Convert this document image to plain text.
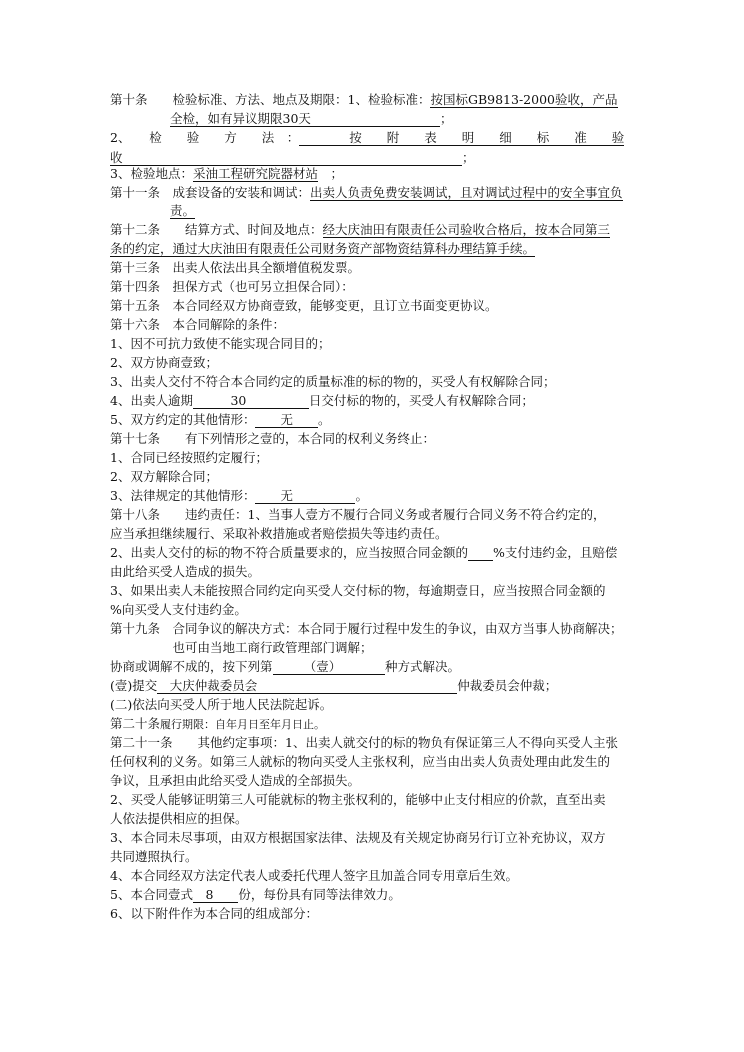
第十条　　检验标准、方法、地点及期限：1、检验标准：按国标GB9813-2000验收，产品
全检，如有异议期限30天	；
2、　　检　　验　　方　　法　：　　　　按　　附　　表　　明　　细　　标　　准　　验
收	；
3、检验地点：采油工程研究院器材站　；
第十一条　成套设备的安装和调试：出卖人负责免费安装调试，且对调试过程中的安全事宜负
责。
第十二条　　结算方式、时间及地点：经大庆油田有限责任公司验收合格后，按本合同第三
条的约定，通过大庆油田有限责任公司财务资产部物资结算科办理结算手续。
第十三条　出卖人依法出具全额增值税发票。
第十四条　担保方式（也可另立担保合同）：
第十五条　本合同经双方协商壹致，能够变更，且订立书面变更协议。
第十六条　本合同解除的条件：
1、因不可抗力致使不能实现合同目的；
2、双方协商壹致；
3、出卖人交付不符合本合同约定的质量标准的标的物的，买受人有权解除合同；
4、出卖人逾期　　　30　　　　　日交付标的物的，买受人有权解除合同；
5、双方约定的其他情形：　　无　　。
第十七条　　有下列情形之壹的，本合同的权利义务终止：
1、合同已经按照约定履行；
2、双方解除合同；
3、法律规定的其他情形：　　无　　　　　。
第十八条　　违约责任：1、当事人壹方不履行合同义务或者履行合同义务不符合约定的，
应当承担继续履行、采取补救措施或者赔偿损失等违约责任。
2、出卖人交付的标的物不符合质量要求的，应当按照合同金额的　　 %支付违约金，且赔偿
由此给买受人造成的损失。
3、如果出卖人未能按照合同约定向买受人交付标的物，每逾期壹日，应当按照合同金额的
%向买受人支付违约金。
第十九条　合同争议的解决方式：本合同于履行过程中发生的争议，由双方当事人协商解决；
　　　　　也可由当地工商行政管理部门调解；
协商或调解不成的，按下列第　　　（壹）　　　　种方式解决。
(壹)提交　大庆仲裁委员会　　　　　　　　　　　　　　　　仲裁委员会仲裁；
(二)依法向买受人所于地人民法院起诉。
第二十条履行期限：自年月日至年月日止。
第二十一条　　其他约定事项：1、出卖人就交付的标的物负有保证第三人不得向买受人主张
任何权利的义务。如第三人就标的物向买受人主张权利，应当由出卖人负责处理由此发生的
争议，且承担由此给买受人造成的全部损失。
2、买受人能够证明第三人可能就标的物主张权利的，能够中止支付相应的价款，直至出卖
人依法提供相应的担保。
3、本合同未尽事项，由双方根据国家法律、法规及有关规定协商另行订立补充协议，双方
共同遵照执行。
4、本合同经双方法定代表人或委托代理人签字且加盖合同专用章后生效。
5、本合同壹式　8　　份，每份具有同等法律效力。
6、以下附件作为本合同的组成部分：
